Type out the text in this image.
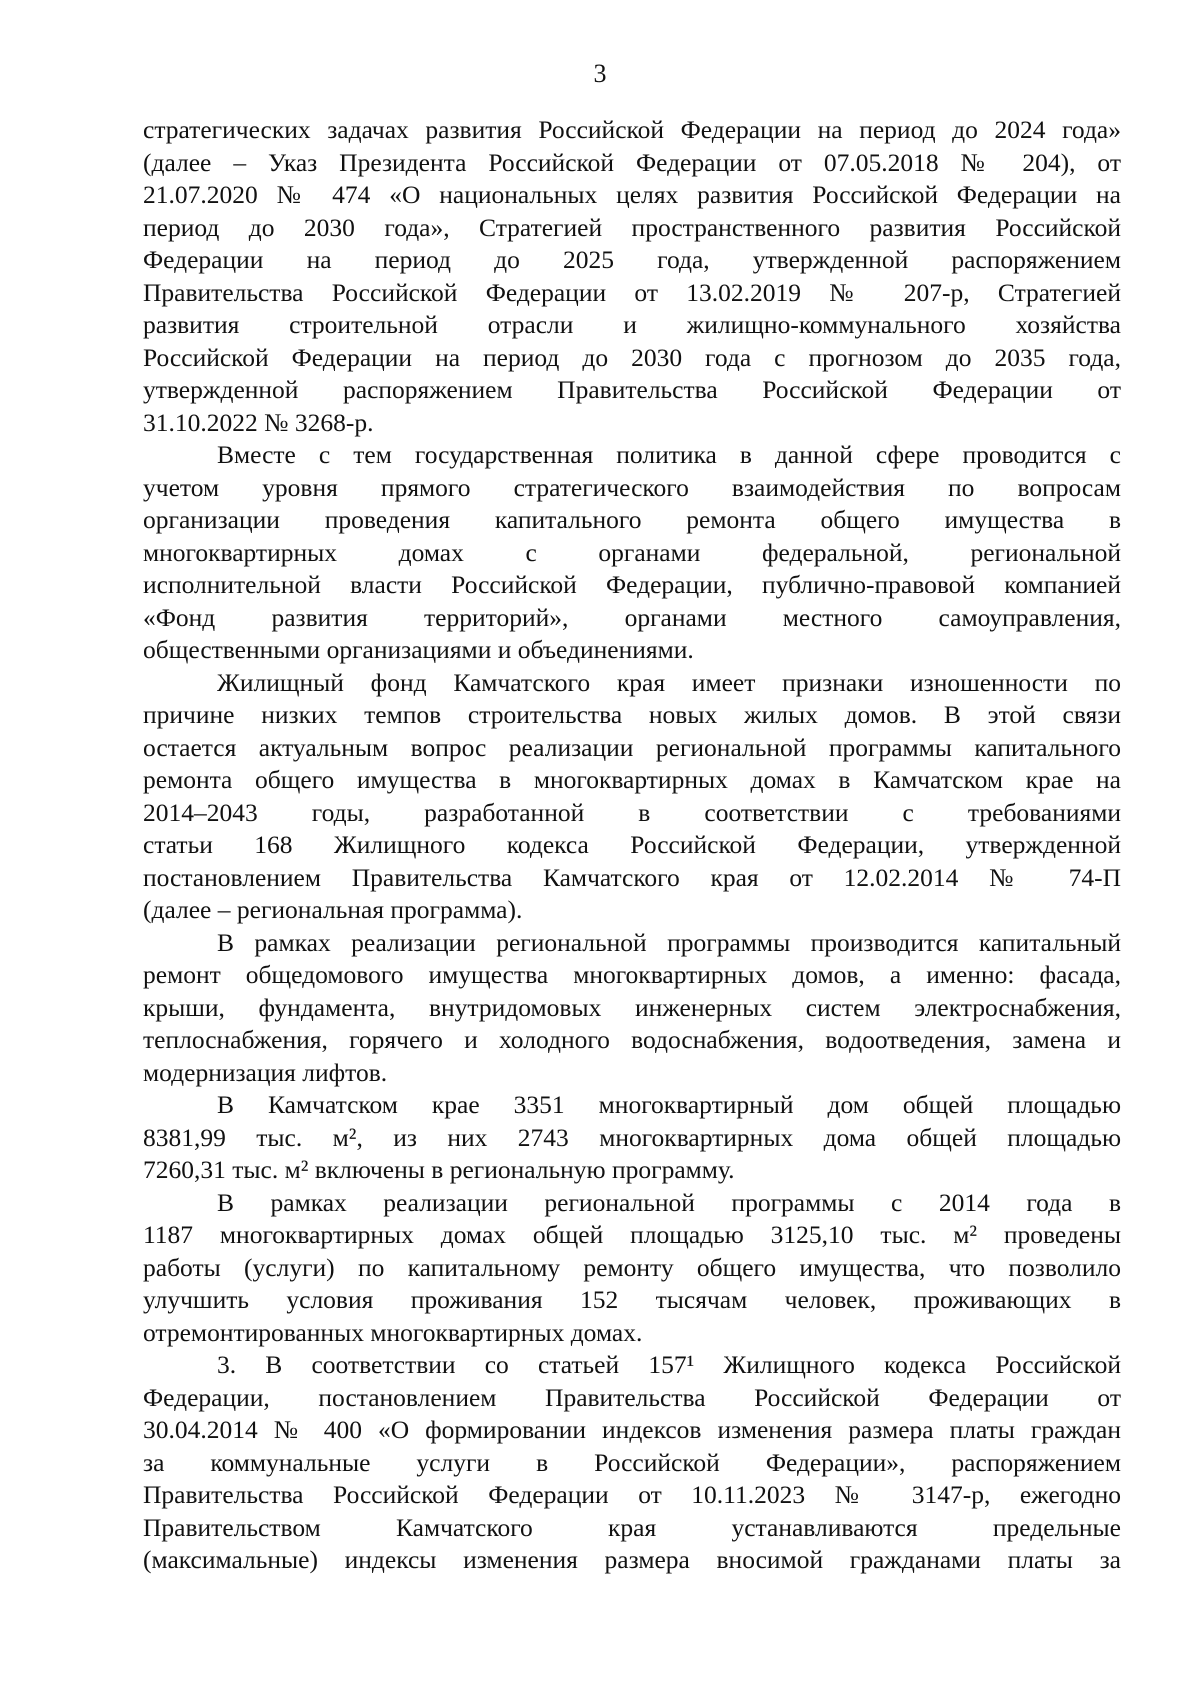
3
стратегических задачах развития Российской Федерации на период до 2024 года»
(далее – Указ Президента Российской Федерации от 07.05.2018 № 204), от
21.07.2020 № 474 «О национальных целях развития Российской Федерации на
период до 2030 года», Стратегией пространственного развития Российской
Федерации на период до 2025 года, утвержденной распоряжением
Правительства Российской Федерации от 13.02.2019 № 207-р, Стратегией
развития строительной отрасли и жилищно-коммунального хозяйства
Российской Федерации на период до 2030 года с прогнозом до 2035 года,
утвержденной распоряжением Правительства Российской Федерации от
31.10.2022 № 3268-р.
Вместе с тем государственная политика в данной сфере проводится с
учетом уровня прямого стратегического взаимодействия по вопросам
организации проведения капитального ремонта общего имущества в
многоквартирных домах с органами федеральной, региональной
исполнительной власти Российской Федерации, публично-правовой компанией
«Фонд развития территорий», органами местного самоуправления,
общественными организациями и объединениями.
Жилищный фонд Камчатского края имеет признаки изношенности по
причине низких темпов строительства новых жилых домов. В этой связи
остается актуальным вопрос реализации региональной программы капитального
ремонта общего имущества в многоквартирных домах в Камчатском крае на
2014–2043 годы, разработанной в соответствии с требованиями
статьи 168 Жилищного кодекса Российской Федерации, утвержденной
постановлением Правительства Камчатского края от 12.02.2014 № 74-П
(далее – региональная программа).
В рамках реализации региональной программы производится капитальный
ремонт общедомового имущества многоквартирных домов, а именно: фасада,
крыши, фундамента, внутридомовых инженерных систем электроснабжения,
теплоснабжения, горячего и холодного водоснабжения, водоотведения, замена и
модернизация лифтов.
В Камчатском крае 3351 многоквартирный дом общей площадью
8381,99 тыс. м², из них 2743 многоквартирных дома общей площадью
7260,31 тыс. м² включены в региональную программу.
В рамках реализации региональной программы с 2014 года в
1187 многоквартирных домах общей площадью 3125,10 тыс. м² проведены
работы (услуги) по капитальному ремонту общего имущества, что позволило
улучшить условия проживания 152 тысячам человек, проживающих в
отремонтированных многоквартирных домах.
3. В соответствии со статьей 157¹ Жилищного кодекса Российской
Федерации, постановлением Правительства Российской Федерации от
30.04.2014 № 400 «О формировании индексов изменения размера платы граждан
за коммунальные услуги в Российской Федерации», распоряжением
Правительства Российской Федерации от 10.11.2023 № 3147-р, ежегодно
Правительством Камчатского края устанавливаются предельные
(максимальные) индексы изменения размера вносимой гражданами платы за
